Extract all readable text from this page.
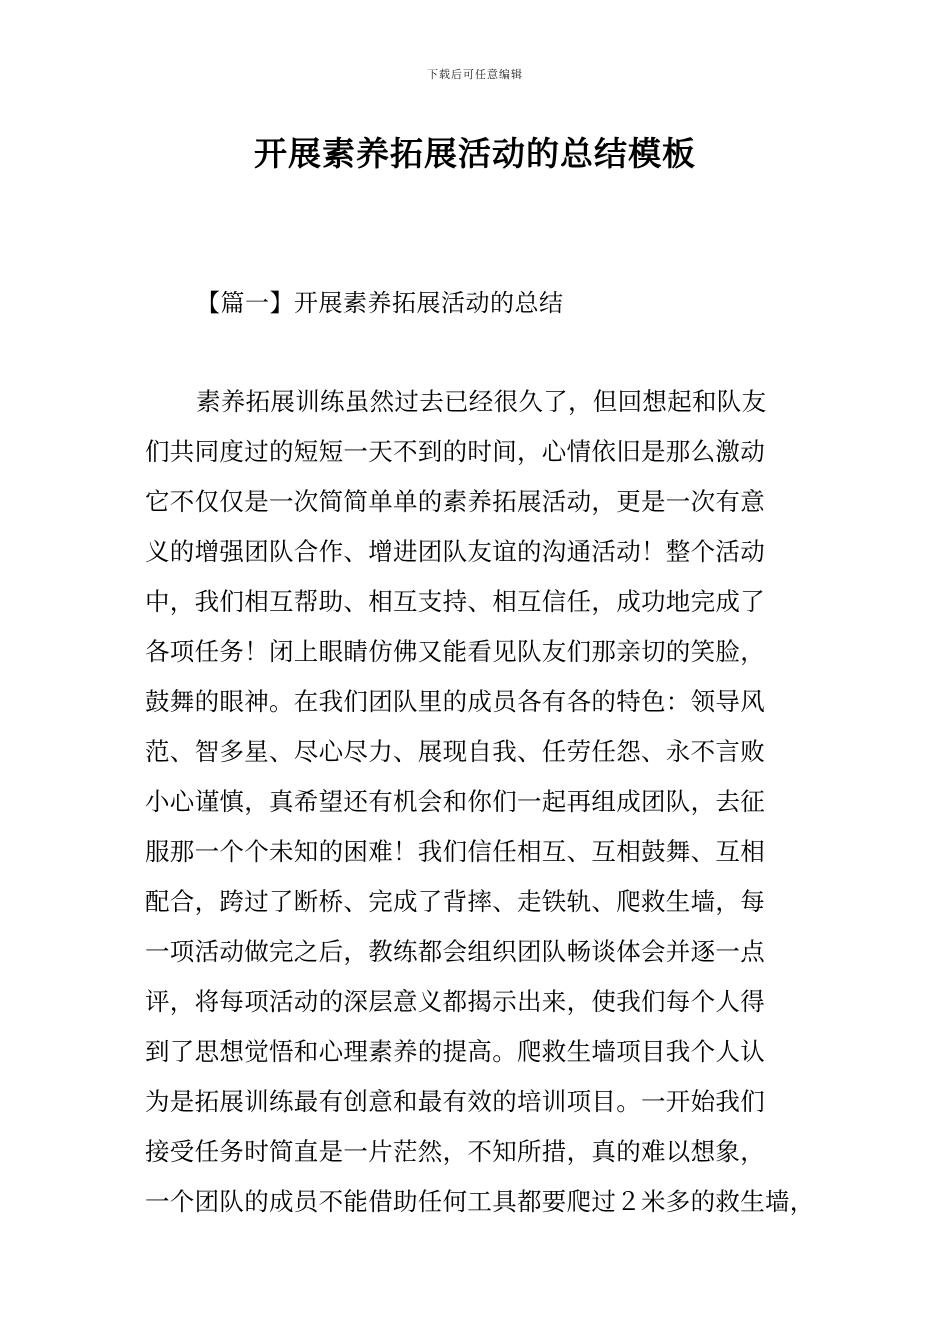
下载后可任意编辑
开展素养拓展活动的总结模板
【篇一】开展素养拓展活动的总结
素养拓展训练虽然过去已经很久了，但回想起和队友
们共同度过的短短一天不到的时间，心情依旧是那么激动
它不仅仅是一次简简单单的素养拓展活动，更是一次有意
义的增强团队合作、增进团队友谊的沟通活动！整个活动
中，我们相互帮助、相互支持、相互信任，成功地完成了
各项任务！闭上眼睛仿佛又能看见队友们那亲切的笑脸，
鼓舞的眼神。在我们团队里的成员各有各的特色：领导风
范、智多星、尽心尽力、展现自我、任劳任怨、永不言败
小心谨慎，真希望还有机会和你们一起再组成团队，去征
服那一个个未知的困难！我们信任相互、互相鼓舞、互相
配合，跨过了断桥、完成了背摔、走铁轨、爬救生墙，每
一项活动做完之后，教练都会组织团队畅谈体会并逐一点
评，将每项活动的深层意义都揭示出来，使我们每个人得
到了思想觉悟和心理素养的提高。爬救生墙项目我个人认
为是拓展训练最有创意和最有效的培训项目。一开始我们
接受任务时简直是一片茫然，不知所措，真的难以想象，
一个团队的成员不能借助任何工具都要爬过２米多的救生墙，
